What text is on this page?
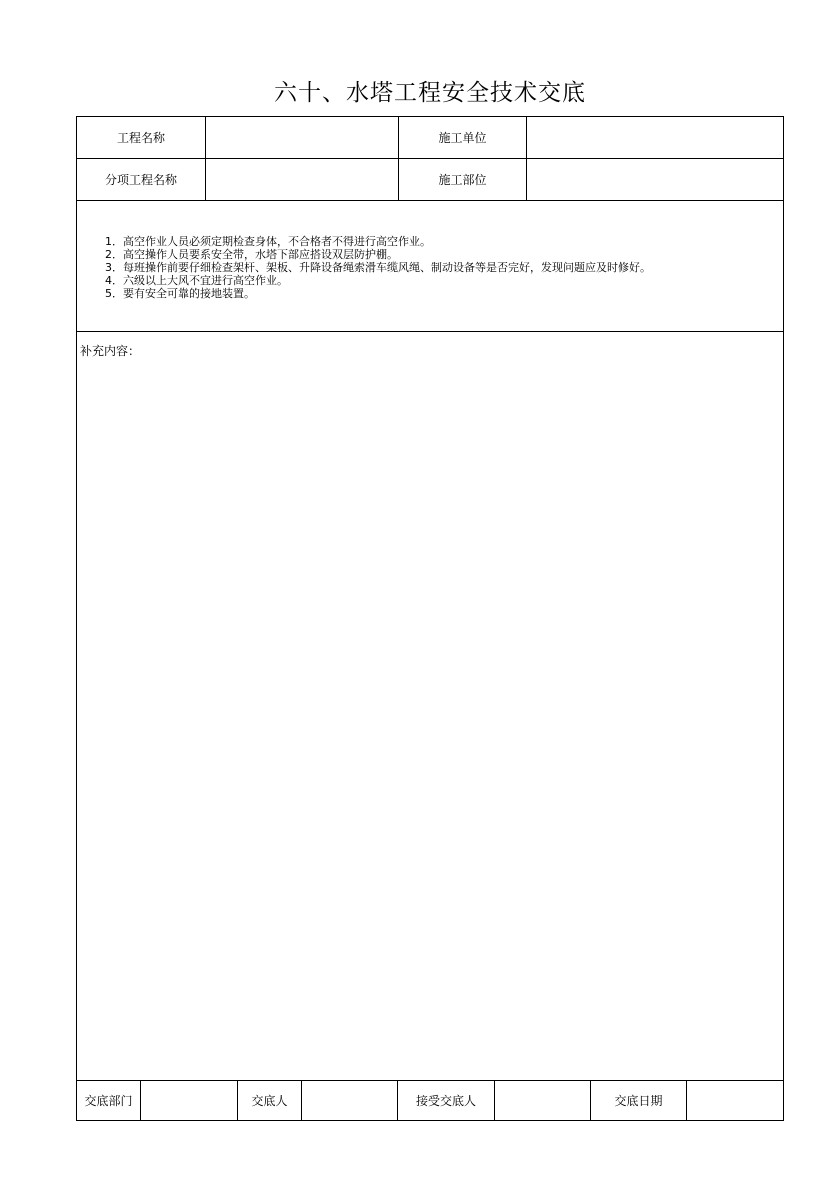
六十、水塔工程安全技术交底
工程名称	施工单位
分项工程名称	施工部位
1．高空作业人员必须定期检查身体，不合格者不得进行高空作业。
2．高空操作人员要系安全带，水塔下部应搭设双层防护棚。
3．每班操作前要仔细检查架杆、架板、升降设备绳索滑车缆风绳、制动设备等是否完好，发现问题应及时修好。
4．六级以上大风不宜进行高空作业。
5．要有安全可靠的接地装置。
补充内容：
交底部门	交底人	接受交底人	交底日期
